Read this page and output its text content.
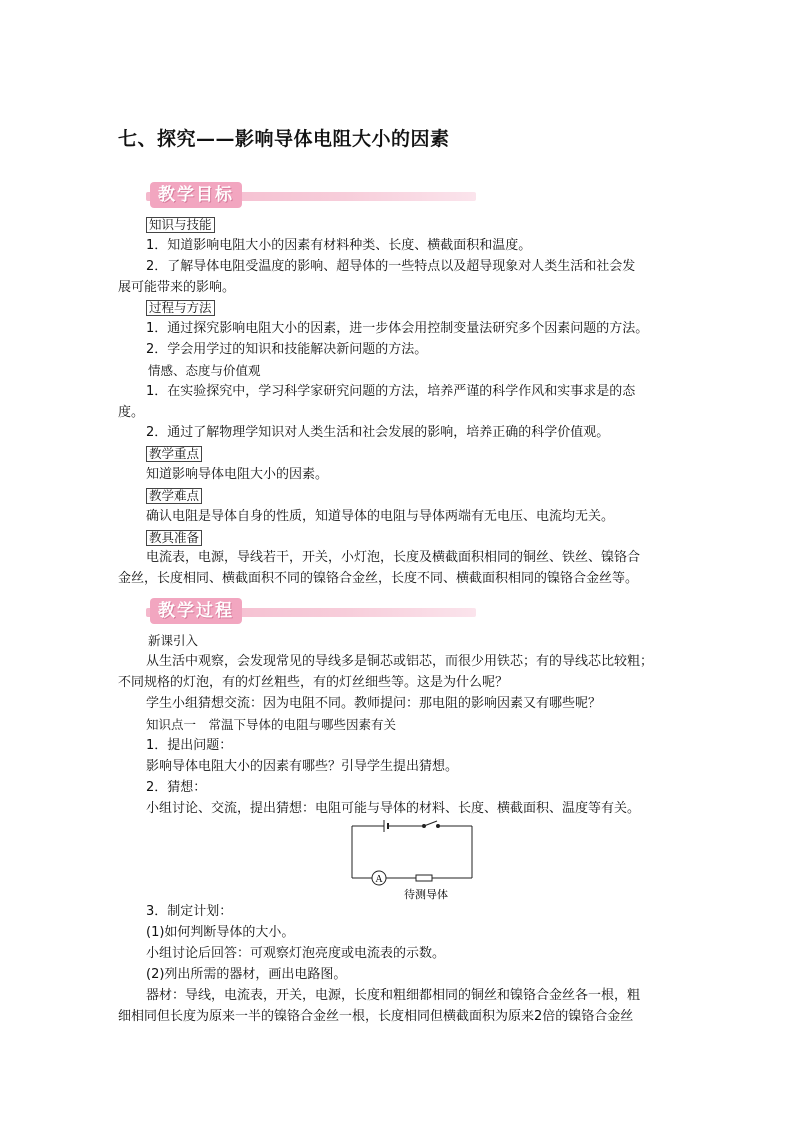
七、探究——影响导体电阻大小的因素
教学目标
知识与技能
1．知道影响电阻大小的因素有材料种类、长度、横截面积和温度。
2．了解导体电阻受温度的影响、超导体的一些特点以及超导现象对人类生活和社会发
展可能带来的影响。
过程与方法
1．通过探究影响电阻大小的因素，进一步体会用控制变量法研究多个因素问题的方法。
2．学会用学过的知识和技能解决新问题的方法。
情感、态度与价值观
1．在实验探究中，学习科学家研究问题的方法，培养严谨的科学作风和实事求是的态
度。
2．通过了解物理学知识对人类生活和社会发展的影响，培养正确的科学价值观。
教学重点
知道影响导体电阻大小的因素。
教学难点
确认电阻是导体自身的性质，知道导体的电阻与导体两端有无电压、电流均无关。
教具准备
电流表，电源，导线若干，开关，小灯泡，长度及横截面积相同的铜丝、铁丝、镍铬合
金丝，长度相同、横截面积不同的镍铬合金丝，长度不同、横截面积相同的镍铬合金丝等。
教学过程
新课引入
从生活中观察，会发现常见的导线多是铜芯或铝芯，而很少用铁芯；有的导线芯比较粗；
不同规格的灯泡，有的灯丝粗些，有的灯丝细些等。这是为什么呢？
学生小组猜想交流：因为电阻不同。教师提问：那电阻的影响因素又有哪些呢？
知识点一　常温下导体的电阻与哪些因素有关
1．提出问题：
影响导体电阻大小的因素有哪些？引导学生提出猜想。
2．猜想：
小组讨论、交流，提出猜想：电阻可能与导体的材料、长度、横截面积、温度等有关。
A
待测导体
3．制定计划：
(1)如何判断导体的大小。
小组讨论后回答：可观察灯泡亮度或电流表的示数。
(2)列出所需的器材，画出电路图。
器材：导线，电流表，开关，电源，长度和粗细都相同的铜丝和镍铬合金丝各一根，粗
细相同但长度为原来一半的镍铬合金丝一根，长度相同但横截面积为原来2倍的镍铬合金丝
